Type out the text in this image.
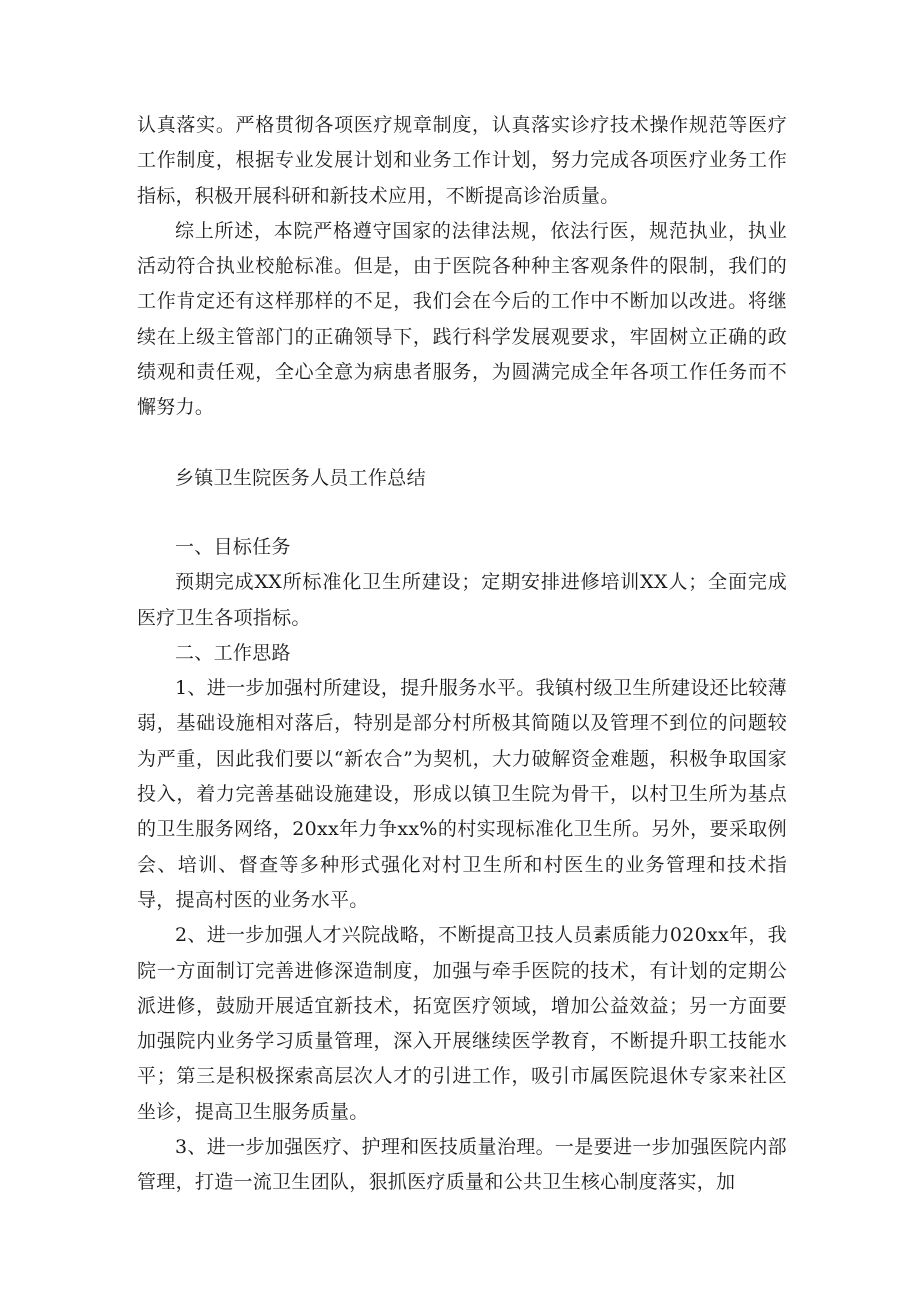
认真落实。严格贯彻各项医疗规章制度，认真落实诊疗技术操作规范等医疗工作制度，根据专业发展计划和业务工作计划，努力完成各项医疗业务工作指标，积极开展科研和新技术应用，不断提高诊治质量。

综上所述，本院严格遵守国家的法律法规，依法行医，规范执业，执业活动符合执业校舱标准。但是，由于医院各种种主客观条件的限制，我们的工作肯定还有这样那样的不足，我们会在今后的工作中不断加以改进。将继续在上级主管部门的正确领导下，践行科学发展观要求，牢固树立正确的政绩观和责任观，全心全意为病患者服务，为圆满完成全年各项工作任务而不懈努力。

乡镇卫生院医务人员工作总结

一、目标任务

预期完成XX所标准化卫生所建设；定期安排进修培训XX人；全面完成医疗卫生各项指标。

二、工作思路

1、进一步加强村所建设，提升服务水平。我镇村级卫生所建设还比较薄弱，基础设施相对落后，特别是部分村所极其简随以及管理不到位的问题较为严重，因此我们要以“新农合”为契机，大力破解资金难题，积极争取国家投入，着力完善基础设施建设，形成以镇卫生院为骨干，以村卫生所为基点的卫生服务网络，20xx年力争xx%的村实现标准化卫生所。另外，要采取例会、培训、督查等多种形式强化对村卫生所和村医生的业务管理和技术指导，提高村医的业务水平。

2、进一步加强人才兴院战略，不断提高卫技人员素质能力020xx年，我院一方面制订完善进修深造制度，加强与牵手医院的技术，有计划的定期公派进修，鼓励开展适宜新技术，拓宽医疗领域，增加公益效益；另一方面要加强院内业务学习质量管理，深入开展继续医学教育，不断提升职工技能水平；第三是积极探索高层次人才的引进工作，吸引市属医院退休专家来社区坐诊，提高卫生服务质量。

3、进一步加强医疗、护理和医技质量治理。一是要进一步加强医院内部管理，打造一流卫生团队，狠抓医疗质量和公共卫生核心制度落实，加
